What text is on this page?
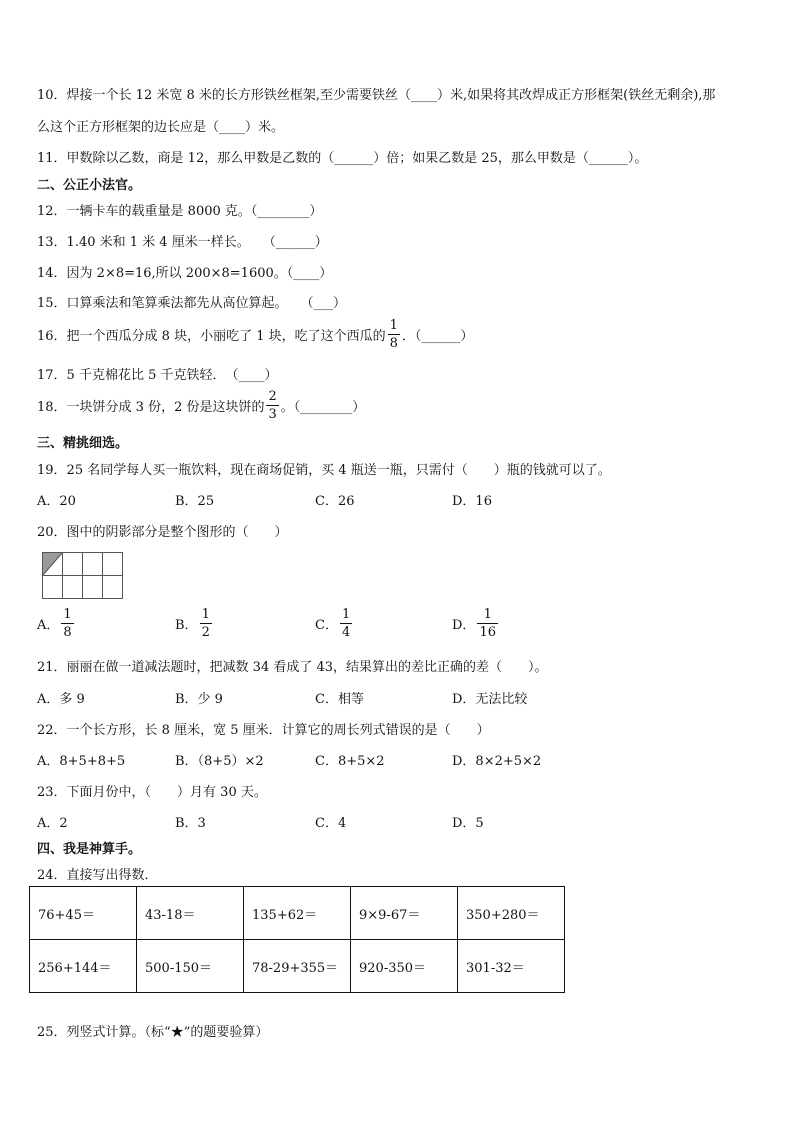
10．焊接一个长 12 米宽 8 米的长方形铁丝框架,至少需要铁丝（____）米,如果将其改焊成正方形框架(铁丝无剩余),那
么这个正方形框架的边长应是（____）米。
11．甲数除以乙数，商是 12，那么甲数是乙数的（______）倍；如果乙数是 25，那么甲数是（______）。
二、公正小法官。
12．一辆卡车的载重量是 8000 克。（________）
13．1.40 米和 1 米 4 厘米一样长。　　（______）
14．因为 2×8=16,所以 200×8=1600。（____）
15．口算乘法和笔算乘法都先从高位算起。　　（___）
16．把一个西瓜分成 8 块，小丽吃了 1 块，吃了这个西瓜的 $\frac{1}{8}$ ．（______）
17．5 千克棉花比 5 千克铁轻．　（____）
18．一块饼分成 3 份，2 份是这块饼的 $\frac{2}{3}$ 。（________）
三、精挑细选。
19．25 名同学每人买一瓶饮料，现在商场促销，买 4 瓶送一瓶，只需付（　　）瓶的钱就可以了。
A．20	B．25	C．26	D．16
20．图中的阴影部分是整个图形的（　　）
A． $\frac{1}{8}$	B． $\frac{1}{2}$	C． $\frac{1}{4}$	D． $\frac{1}{16}$
21．丽丽在做一道减法题时，把减数 34 看成了 43，结果算出的差比正确的差（　　）。
A．多 9	B．少 9	C．相等	D．无法比较
22．一个长方形，长 8 厘米，宽 5 厘米．计算它的周长列式错误的是（　　）
A．8+5+8+5	B．（8+5）×2	C．8+5×2	D．8×2+5×2
23．下面月份中，（　　）月有 30 天。
A．2	B．3	C．4	D．5
四、我是神算手。
24．直接写出得数．
76+45＝	43-18＝	135+62＝	9×9-67＝	350+280＝
256+144＝	500-150＝	78-29+355＝	920-350＝	301-32＝
25．列竖式计算。（标“★”的题要验算）
